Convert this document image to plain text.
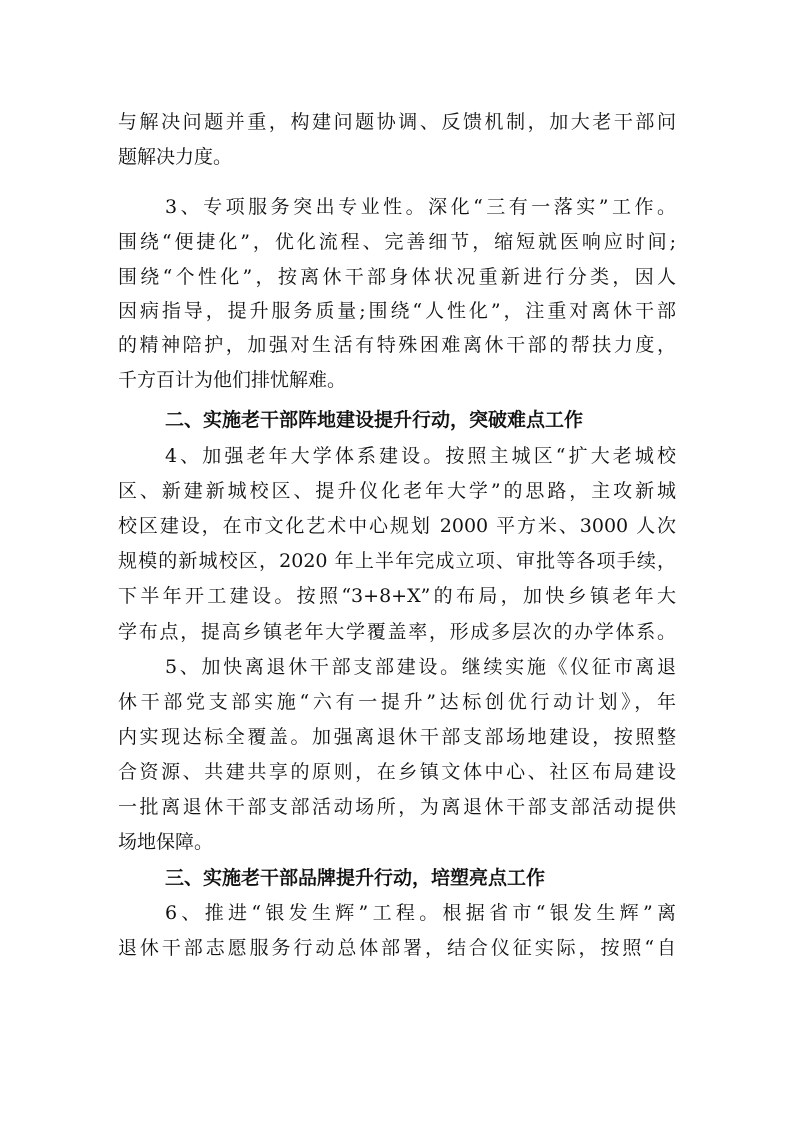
与解决问题并重，构建问题协调、反馈机制，加大老干部问
题解决力度。
3、专项服务突出专业性。深化“三有一落实”工作。
围绕“便捷化”，优化流程、完善细节，缩短就医响应时间;
围绕“个性化”，按离休干部身体状况重新进行分类，因人
因病指导，提升服务质量;围绕“人性化”，注重对离休干部
的精神陪护，加强对生活有特殊困难离休干部的帮扶力度，
千方百计为他们排忧解难。
二、实施老干部阵地建设提升行动，突破难点工作
4、加强老年大学体系建设。按照主城区“扩大老城校
区、新建新城校区、提升仪化老年大学”的思路，主攻新城
校区建设，在市文化艺术中心规划 2000 平方米、3000 人次
规模的新城校区，2020 年上半年完成立项、审批等各项手续，
下半年开工建设。按照“3+8+X”的布局，加快乡镇老年大
学布点，提高乡镇老年大学覆盖率，形成多层次的办学体系。
5、加快离退休干部支部建设。继续实施《仪征市离退
休干部党支部实施“六有一提升”达标创优行动计划》，年
内实现达标全覆盖。加强离退休干部支部场地建设，按照整
合资源、共建共享的原则，在乡镇文体中心、社区布局建设
一批离退休干部支部活动场所，为离退休干部支部活动提供
场地保障。
三、实施老干部品牌提升行动，培塑亮点工作
6、推进“银发生辉”工程。根据省市“银发生辉”离
退休干部志愿服务行动总体部署，结合仪征实际，按照“自
